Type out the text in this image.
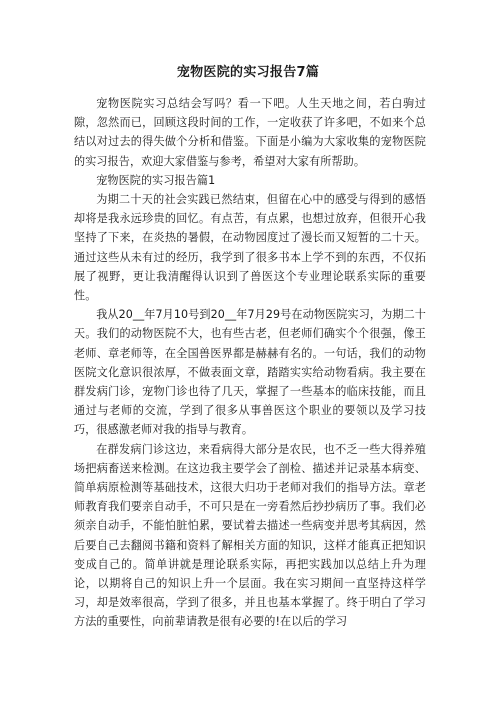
宠物医院的实习报告7篇

宠物医院实习总结会写吗？看一下吧。人生天地之间，若白驹过隙，忽然而已，回顾这段时间的工作，一定收获了许多吧，不如来个总结以对过去的得失做个分析和借鉴。下面是小编为大家收集的宠物医院的实习报告，欢迎大家借鉴与参考，希望对大家有所帮助。

宠物医院的实习报告篇1

为期二十天的社会实践已然结束，但留在心中的感受与得到的感悟却将是我永远珍贵的回忆。有点苦，有点累，也想过放弃，但很开心我坚持了下来，在炎热的暑假，在动物园度过了漫长而又短暂的二十天。通过这些从未有过的经历，我学到了很多书本上学不到的东西，不仅拓展了视野，更让我清醒得认识到了兽医这个专业理论联系实际的重要性。

我从20__年7月10号到20__年7月29号在动物医院实习，为期二十天。我们的动物医院不大，也有些古老，但老师们确实个个很强，像王老师、章老师等，在全国兽医界都是赫赫有名的。一句话，我们的动物医院文化意识很浓厚，不做表面文章，踏踏实实给动物看病。我主要在群发病门诊，宠物门诊也待了几天，掌握了一些基本的临床技能，而且通过与老师的交流，学到了很多从事兽医这个职业的要领以及学习技巧，很感激老师对我的指导与教育。

在群发病门诊这边，来看病得大部分是农民，也不乏一些大得养殖场把病畜送来检测。在这边我主要学会了剖检、描述并记录基本病变、简单病原检测等基础技术，这很大归功于老师对我们的指导方法。章老师教育我们要亲自动手，不可只是在一旁看然后抄抄病历了事。我们必须亲自动手，不能怕脏怕累，要试着去描述一些病变并思考其病因，然后要自己去翻阅书籍和资料了解相关方面的知识，这样才能真正把知识变成自己的。简单讲就是理论联系实际，再把实践加以总结上升为理论，以期将自己的知识上升一个层面。我在实习期间一直坚持这样学习，却是效率很高，学到了很多，并且也基本掌握了。终于明白了学习方法的重要性，向前辈请教是很有必要的!在以后的学习
